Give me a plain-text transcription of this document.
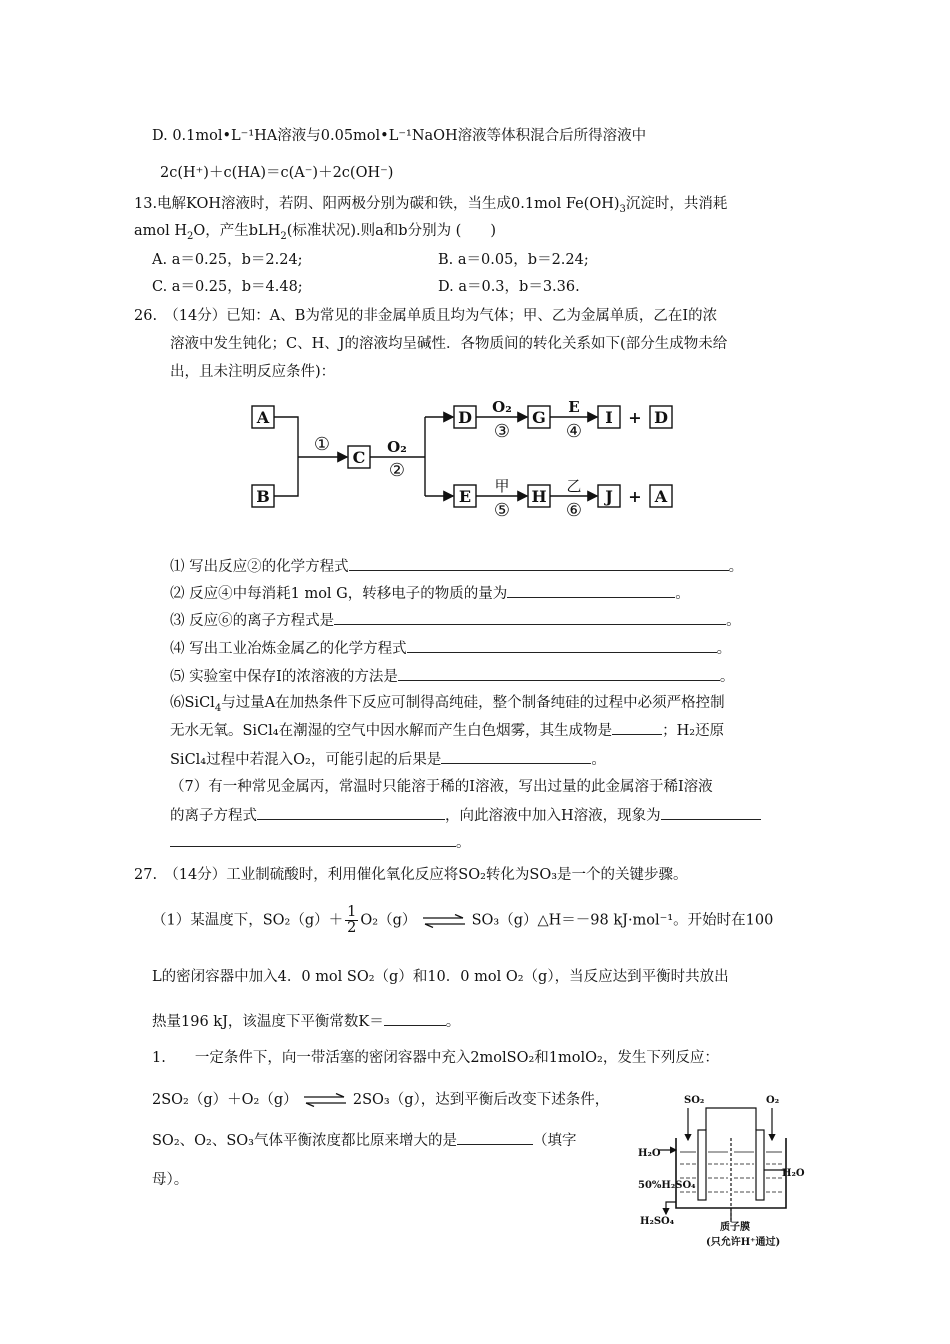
D. 0.1mol•L⁻¹HA溶液与0.05mol•L⁻¹NaOH溶液等体积混合后所得溶液中
2c(H⁺)＋c(HA)＝c(A⁻)＋2c(OH⁻)
13.电解KOH溶液时，若阴、阳两极分别为碳和铁，当生成0.1mol $Fe(OH)_3$沉淀时，共消耗
amol $H_2O$，产生bLH$_2$(标准状况).则a和b分别为 (　　)
A. a＝0.25，b＝2.24;	B. a＝0.05，b＝2.24;
C. a＝0.25，b＝4.48;	D. a＝0.3，b＝3.36.
26.　（14分）已知：A、B为常见的非金属单质且均为气体；甲、乙为金属单质，乙在I的浓
溶液中发生钝化；C、H、J的溶液均呈碱性．各物质间的转化关系如下(部分生成物未给
出，且未注明反应条件)：
A
B
C
D	G	I	D
E	H	J	A
+
+
O₂
O₂	E
甲	乙
①
②
③	④
⑤	⑥
⑴ 写出反应②的化学方程式	。
⑵ 反应④中每消耗1 mol G，转移电子的物质的量为	。
⑶ 反应⑥的离子方程式是	。
⑷ 写出工业冶炼金属乙的化学方程式	。
⑸ 实验室中保存I的浓溶液的方法是	。
⑹SiCl$_4$与过量A在加热条件下反应可制得高纯硅，整个制备纯硅的过程中必须严格控制
无水无氧。SiCl₄在潮湿的空气中因水解而产生白色烟雾，其生成物是	；H₂还原
SiCl₄过程中若混入O₂，可能引起的后果是	。
（7）有一种常见金属丙，常温时只能溶于稀的I溶液，写出过量的此金属溶于稀I溶液
的离子方程式	，向此溶液中加入H溶液，现象为
。
27.　（14分）工业制硫酸时，利用催化氧化反应将SO₂转化为SO₃是一个的关键步骤。
（1）某温度下，$SO_2(g)+ \frac{1}{2} O_2(g)$ ⇌ SO₃（g）△H＝－98 kJ·mol⁻¹。开始时在100
L的密闭容器中加入4．0 mol SO₂（g）和10．0 mol O₂（g），当反应达到平衡时共放出
热量196 kJ，该温度下平衡常数K＝	。
1.　　一定条件下，向一带活塞的密闭容器中充入2molSO₂和1molO₂，发生下列反应：
2SO₂（g）＋O₂（g） ⇌ 2SO₃（g），达到平衡后改变下述条件，
SO₂、O₂、SO₃气体平衡浓度都比原来增大的是	（填字
母）。
SO₂	O₂
H₂O
H₂O
50%H₂SO₄
H₂SO₄
质子膜
(只允许H⁺通过)
